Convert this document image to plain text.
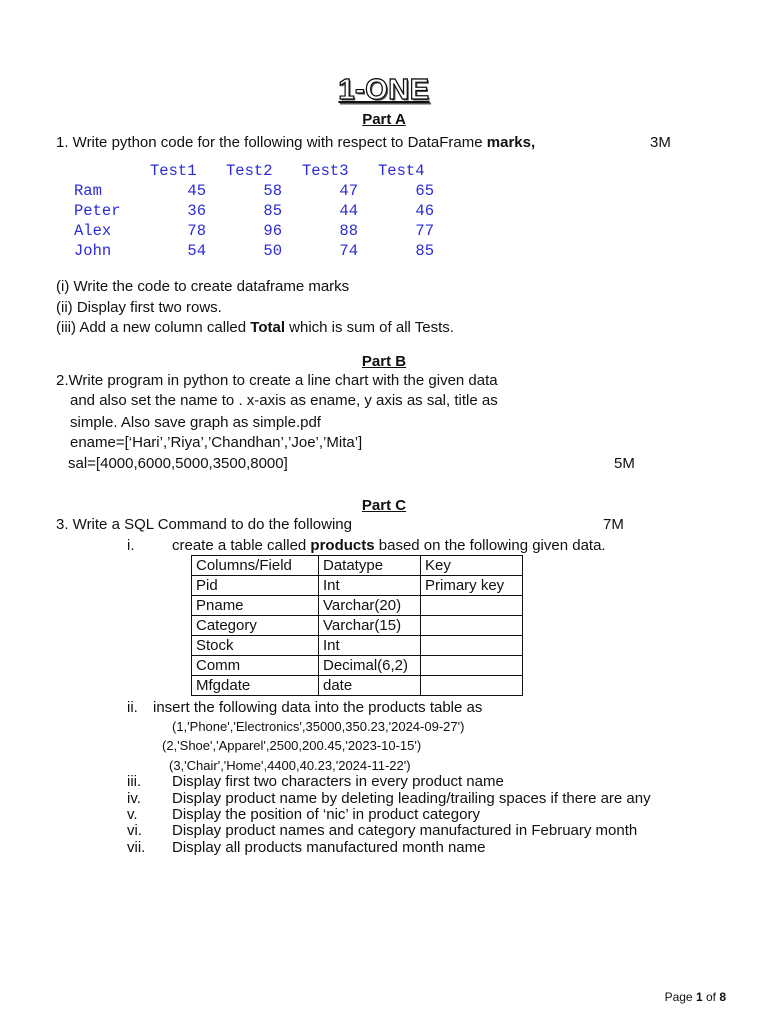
1-ONE
Part A
1. Write python code for the following with respect to DataFrame marks,	3M
Test1 Test2 Test3 Test4
Ram	45	58	47	65
Peter	36	85	44	46
Alex	78	96	88	77
John	54	50	74	85
(i) Write the code to create dataframe marks
(ii) Display first two rows.
(iii) Add a new column called Total which is sum of all Tests.
Part B
2.Write program in python to create a line chart with the given data
and also set the name to . x-axis as ename, y axis as sal, title as
simple. Also save graph as simple.pdf
ename=[‘Hari’,’Riya’,’Chandhan’,’Joe’,’Mita’]
sal=[4000,6000,5000,3500,8000]	5M
Part C
3. Write a SQL Command to do the following	7M
i.	create a table called products based on the following given data.
Columns/Field	Datatype	Key
Pid	Int	Primary key
Pname	Varchar(20)	
Category	Varchar(15)	
Stock	Int	
Comm	Decimal(6,2)	
Mfgdate	date	
ii. insert the following data into the products table as
(1,'Phone','Electronics',35000,350.23,'2024-09-27')
(2,'Shoe','Apparel',2500,200.45,'2023-10-15')
(3,'Chair','Home',4400,40.23,'2024-11-22')
iii. Display first two characters in every product name
iv. Display product name by deleting leading/trailing spaces if there are any
v. Display the position of ‘nic’ in product category
vi. Display product names and category manufactured in February month
vii. Display all products manufactured month name
Page 1 of 8
